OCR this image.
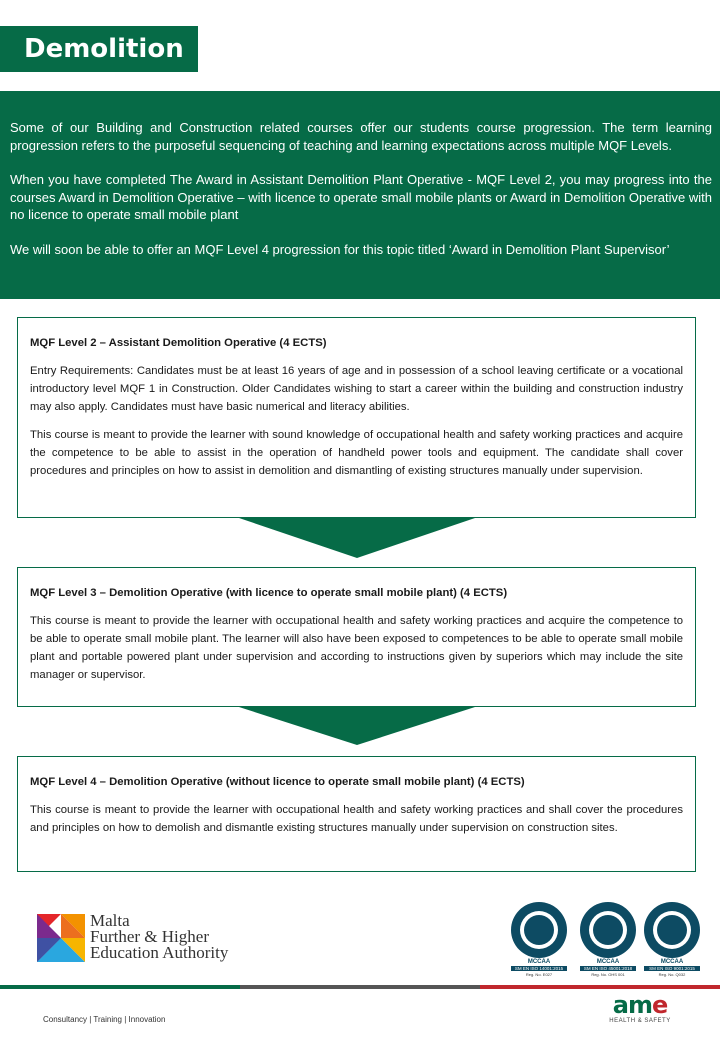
Demolition

Some of our Building and Construction related courses offer our students course progression. The term learning progression refers to the purposeful sequencing of teaching and learning expectations across multiple MQF Levels.

When you have completed The Award in Assistant Demolition Plant Operative - MQF Level 2, you may progress into the courses Award in Demolition Operative – with licence to operate small mobile plants or Award in Demolition Operative with no licence to operate small mobile plant

We will soon be able to offer an MQF Level 4 progression for this topic titled ‘Award in Demolition Plant Supervisor’

MQF Level 2 – Assistant Demolition Operative (4 ECTS)

Entry Requirements: Candidates must be at least 16 years of age and in possession of a school leaving certificate or a vocational introductory level MQF 1 in Construction. Older Candidates wishing to start a career within the building and construction industry may also apply. Candidates must have basic numerical and literacy abilities.

This course is meant to provide the learner with sound knowledge of occupational health and safety working practices and acquire the competence to be able to assist in the operation of handheld power tools and equipment. The candidate shall cover procedures and principles on how to assist in demolition and dismantling of existing structures manually under supervision.

MQF Level 3 – Demolition Operative (with licence to operate small mobile plant) (4 ECTS)

This course is meant to provide the learner with occupational health and safety working practices and acquire the competence to be able to operate small mobile plant. The learner will also have been exposed to competences to be able to operate small mobile plant and portable powered plant under supervision and according to instructions given by superiors which may include the site manager or supervisor.

MQF Level 4 – Demolition Operative (without licence to operate small mobile plant) (4 ECTS)

This course is meant to provide the learner with occupational health and safety working practices and shall cover the procedures and principles on how to demolish and dismantle existing structures manually under supervision on construction sites.

Malta
Further & Higher
Education Authority	MCCAA
SM EN ISO 14001:2015
Reg. No. E027
MCCAA
SM EN ISO 45001:2018
Reg. No. OHS 001
MCCAA
SM EN ISO 9001:2015
Reg. No. Q032
Consultancy | Training | Innovation
ame
HEALTH & SAFETY
